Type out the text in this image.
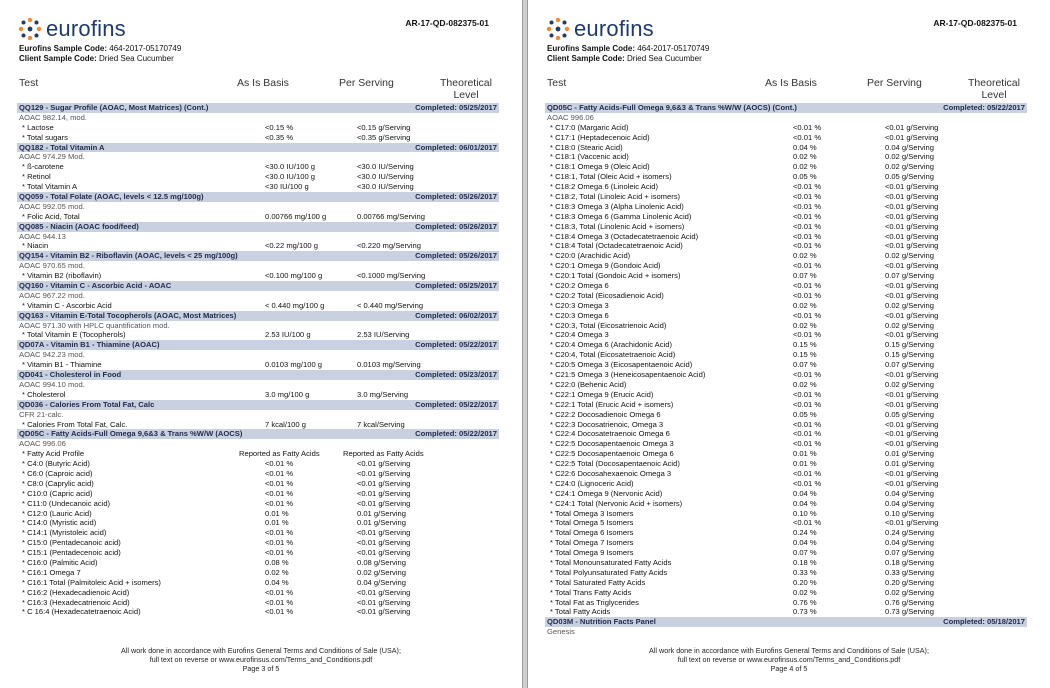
eurofins	AR-17-QD-082375-01
Eurofins Sample Code: 464-2017-05170749
Client Sample Code: Dried Sea Cucumber
Test	As Is Basis	Per Serving	Theoretical
Level
QQ129 - Sugar Profile (AOAC, Most Matrices) (Cont.)	Completed: 05/25/2017
AOAC 982.14, mod.
* Lactose	<0.15 %	<0.15 g/Serving
* Total sugars	<0.35 %	<0.35 g/Serving
QQ182 - Total Vitamin A	Completed: 06/01/2017
AOAC 974.29 Mod.
* ß-carotene	<30.0 IU/100 g	<30.0 IU/Serving
* Retinol	<30.0 IU/100 g	<30.0 IU/Serving
* Total Vitamin A	<30 IU/100 g	<30.0 IU/Serving
QQ059 - Total Folate (AOAC, levels < 12.5 mg/100g)	Completed: 05/26/2017
AOAC 992.05 mod.
* Folic Acid, Total	0.00766 mg/100 g	0.00766 mg/Serving
QQ085 - Niacin (AOAC food/feed)	Completed: 05/26/2017
AOAC 944.13
* Niacin	<0.22 mg/100 g	<0.220 mg/Serving
QQ154 - Vitamin B2 - Riboflavin (AOAC, levels < 25 mg/100g)	Completed: 05/26/2017
AOAC 970.65 mod.
* Vitamin B2 (riboflavin)	<0.100 mg/100 g	<0.1000 mg/Serving
QQ160 - Vitamin C - Ascorbic Acid - AOAC	Completed: 05/25/2017
AOAC 967.22 mod.
* Vitamin C - Ascorbic Acid	< 0.440 mg/100 g	< 0.440 mg/Serving
QQ163 - Vitamin E-Total Tocopherols (AOAC, Most Matrices)	Completed: 06/02/2017
AOAC 971.30 with HPLC quantification mod.
* Total Vitamin E (Tocopherols)	2.53 IU/100 g	2.53 IU/Serving
QD07A - Vitamin B1 - Thiamine (AOAC)	Completed: 05/22/2017
AOAC 942.23 mod.
* Vitamin B1 - Thiamine	0.0103 mg/100 g	0.0103 mg/Serving
QD041 - Cholesterol in Food	Completed: 05/23/2017
AOAC 994.10 mod.
* Cholesterol	3.0 mg/100 g	3.0 mg/Serving
QD036 - Calories From Total Fat, Calc	Completed: 05/22/2017
CFR 21-calc.
* Calories From Total Fat, Calc.	7 kcal/100 g	7 kcal/Serving
QD05C - Fatty Acids-Full Omega 9,6&3 & Trans %W/W (AOCS)	Completed: 05/22/2017
AOAC 996.06
* Fatty Acid Profile	Reported as Fatty Acids	Reported as Fatty Acids
* C4:0 (Butyric Acid)	<0.01 %	<0.01 g/Serving
* C6:0 (Caproic acid)	<0.01 %	<0.01 g/Serving
* C8:0 (Caprylic acid)	<0.01 %	<0.01 g/Serving
* C10:0 (Capric acid)	<0.01 %	<0.01 g/Serving
* C11:0 (Undecanoic acid)	<0.01 %	<0.01 g/Serving
* C12:0 (Lauric Acid)	0.01 %	0.01 g/Serving
* C14:0 (Myristic acid)	0.01 %	0.01 g/Serving
* C14:1 (Myristoleic acid)	<0.01 %	<0.01 g/Serving
* C15:0 (Pentadecanoic acid)	<0.01 %	<0.01 g/Serving
* C15:1 (Pentadecenoic acid)	<0.01 %	<0.01 g/Serving
* C16:0 (Palmitic Acid)	0.08 %	0.08 g/Serving
* C16:1 Omega 7	0.02 %	0.02 g/Serving
* C16:1 Total (Palmitoleic Acid + isomers)	0.04 %	0.04 g/Serving
* C16:2 (Hexadecadienoic Acid)	<0.01 %	<0.01 g/Serving
* C16:3 (Hexadecatrienoic Acid)	<0.01 %	<0.01 g/Serving
* C 16:4 (Hexadecatetraenoic Acid)	<0.01 %	<0.01 g/Serving
All work done in accordance with Eurofins General Terms and Conditions of Sale (USA);
full text on reverse or www.eurofinsus.com/Terms_and_Conditions.pdf
Page 3 of 5
eurofins	AR-17-QD-082375-01
Eurofins Sample Code: 464-2017-05170749
Client Sample Code: Dried Sea Cucumber
Test	As Is Basis	Per Serving	Theoretical
Level
QD05C - Fatty Acids-Full Omega 9,6&3 & Trans %W/W (AOCS) (Cont.)	Completed: 05/22/2017
AOAC 996.06
* C17:0 (Margaric Acid)	<0.01 %	<0.01 g/Serving
* C17:1 (Heptadecenoic Acid)	<0.01 %	<0.01 g/Serving
* C18:0 (Stearic Acid)	0.04 %	0.04 g/Serving
* C18:1 (Vaccenic acid)	0.02 %	0.02 g/Serving
* C18:1 Omega 9 (Oleic Acid)	0.02 %	0.02 g/Serving
* C18:1, Total (Oleic Acid + isomers)	0.05 %	0.05 g/Serving
* C18:2 Omega 6 (Linoleic Acid)	<0.01 %	<0.01 g/Serving
* C18:2, Total (Linoleic Acid + isomers)	<0.01 %	<0.01 g/Serving
* C18:3 Omega 3 (Alpha Linolenic Acid)	<0.01 %	<0.01 g/Serving
* C18:3 Omega 6 (Gamma Linolenic Acid)	<0.01 %	<0.01 g/Serving
* C18:3, Total (Linolenic Acid + isomers)	<0.01 %	<0.01 g/Serving
* C18:4 Omega 3 (Octadecatetraenoic Acid)	<0.01 %	<0.01 g/Serving
* C18:4 Total (Octadecatetraenoic Acid)	<0.01 %	<0.01 g/Serving
* C20:0 (Arachidic Acid)	0.02 %	0.02 g/Serving
* C20:1 Omega 9 (Gondoic Acid)	<0.01 %	<0.01 g/Serving
* C20:1 Total (Gondoic Acid + isomers)	0.07 %	0.07 g/Serving
* C20:2 Omega 6	<0.01 %	<0.01 g/Serving
* C20:2 Total (Eicosadienoic Acid)	<0.01 %	<0.01 g/Serving
* C20:3 Omega 3	0.02 %	0.02 g/Serving
* C20:3 Omega 6	<0.01 %	<0.01 g/Serving
* C20:3, Total (Eicosatrienoic Acid)	0.02 %	0.02 g/Serving
* C20:4 Omega 3	<0.01 %	<0.01 g/Serving
* C20:4 Omega 6 (Arachidonic Acid)	0.15 %	0.15 g/Serving
* C20:4, Total (Eicosatetraenoic Acid)	0.15 %	0.15 g/Serving
* C20:5 Omega 3 (Eicosapentaenoic Acid)	0.07 %	0.07 g/Serving
* C21:5 Omega 3 (Heneicosapentaenoic Acid)	<0.01 %	<0.01 g/Serving
* C22:0 (Behenic Acid)	0.02 %	0.02 g/Serving
* C22:1 Omega 9 (Erucic Acid)	<0.01 %	<0.01 g/Serving
* C22:1 Total (Erucic Acid + isomers)	<0.01 %	<0.01 g/Serving
* C22:2 Docosadienoic Omega 6	0.05 %	0.05 g/Serving
* C22:3 Docosatrienoic, Omega 3	<0.01 %	<0.01 g/Serving
* C22:4 Docosatetraenoic Omega 6	<0.01 %	<0.01 g/Serving
* C22:5 Docosapentaenoic Omega 3	<0.01 %	<0.01 g/Serving
* C22:5 Docosapentaenoic Omega 6	0.01 %	0.01 g/Serving
* C22:5 Total (Docosapentaenoic Acid)	0.01 %	0.01 g/Serving
* C22:6 Docosahexaenoic Omega 3	<0.01 %	<0.01 g/Serving
* C24:0 (Lignoceric Acid)	<0.01 %	<0.01 g/Serving
* C24:1 Omega 9 (Nervonic Acid)	0.04 %	0.04 g/Serving
* C24:1 Total (Nervonic Acid + isomers)	0.04 %	0.04 g/Serving
* Total Omega 3 Isomers	0.10 %	0.10 g/Serving
* Total Omega 5 Isomers	<0.01 %	<0.01 g/Serving
* Total Omega 6 Isomers	0.24 %	0.24 g/Serving
* Total Omega 7 Isomers	0.04 %	0.04 g/Serving
* Total Omega 9 Isomers	0.07 %	0.07 g/Serving
* Total Monounsaturated Fatty Acids	0.18 %	0.18 g/Serving
* Total Polyunsaturated Fatty Acids	0.33 %	0.33 g/Serving
* Total Saturated Fatty Acids	0.20 %	0.20 g/Serving
* Total Trans Fatty Acids	0.02 %	0.02 g/Serving
* Total Fat as Triglycerides	0.76 %	0.76 g/Serving
* Total Fatty Acids	0.73 %	0.73 g/Serving
QD03M - Nutrition Facts Panel	Completed: 05/18/2017
Genesis
All work done in accordance with Eurofins General Terms and Conditions of Sale (USA);
full text on reverse or www.eurofinsus.com/Terms_and_Conditions.pdf
Page 4 of 5
